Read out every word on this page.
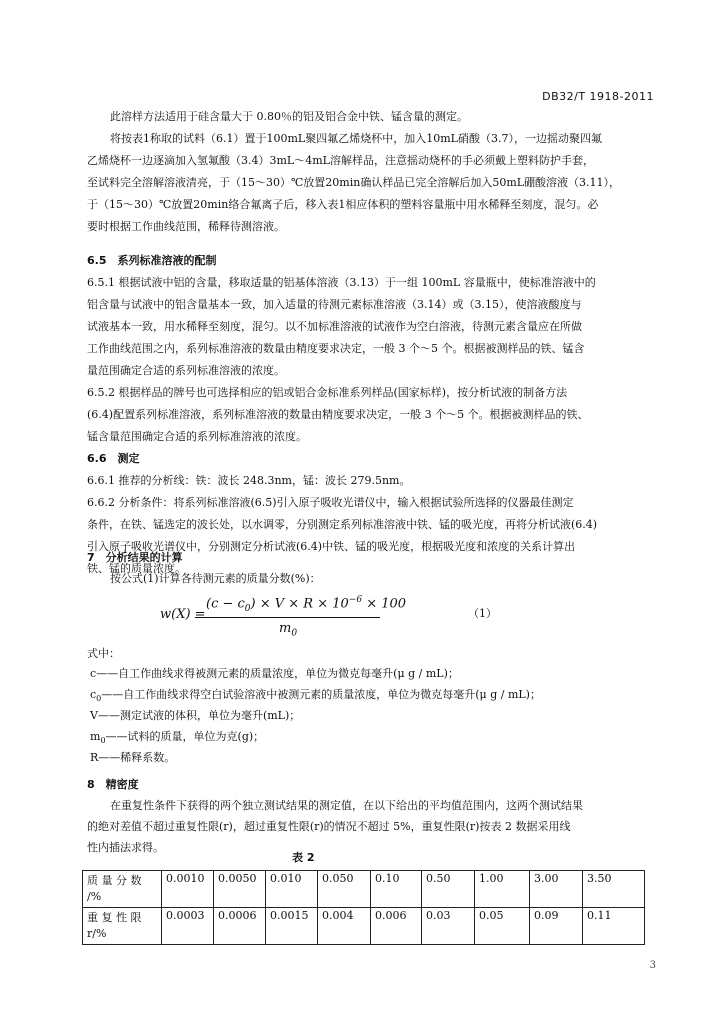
DB32/T 1918-2011
此溶样方法适用于硅含量大于 0.80％的铝及铝合金中铁、锰含量的测定。
将按表1称取的试料（6.1）置于100mL聚四氟乙烯烧杯中，加入10mL硝酸（3.7），一边摇动聚四氟
乙烯烧杯一边逐滴加入氢氟酸（3.4）3mL～4mL溶解样品，注意摇动烧杯的手必须戴上塑料防护手套，
至试料完全溶解溶液清亮，于（15～30）℃放置20min确认样品已完全溶解后加入50mL硼酸溶液（3.11），
于（15～30）℃放置20min络合氟离子后，移入表1相应体积的塑料容量瓶中用水稀释至刻度，混匀。必
要时根据工作曲线范围，稀释待测溶液。
6.5　系列标准溶液的配制
6.5.1 根据试液中铝的含量，移取适量的铝基体溶液（3.13）于一组 100mL 容量瓶中，使标准溶液中的
铝含量与试液中的铝含量基本一致，加入适量的待测元素标准溶液（3.14）或（3.15），使溶液酸度与
试液基本一致，用水稀释至刻度，混匀。以不加标准溶液的试液作为空白溶液，待测元素含量应在所做
工作曲线范围之内，系列标准溶液的数量由精度要求决定，一般 3 个～5 个。根据被测样品的铁、锰含
量范围确定合适的系列标准溶液的浓度。
6.5.2 根据样品的牌号也可选择相应的铝或铝合金标准系列样品(国家标样)，按分析试液的制备方法
(6.4)配置系列标准溶液，系列标准溶液的数量由精度要求决定，一般 3 个～5 个。根据被测样品的铁、
锰含量范围确定合适的系列标准溶液的浓度。
6.6　测定
6.6.1 推荐的分析线：铁：波长 248.3nm，锰：波长 279.5nm。
6.6.2 分析条件：将系列标准溶液(6.5)引入原子吸收光谱仪中，输入根据试验所选择的仪器最佳测定
条件，在铁、锰选定的波长处，以水调零，分别测定系列标准溶液中铁、锰的吸光度，再将分析试液(6.4)
引入原子吸收光谱仪中，分别测定分析试液(6.4)中铁、锰的吸光度，根据吸光度和浓度的关系计算出
铁、锰的质量浓度。
7　分析结果的计算
按公式(1)计算各待测元素的质量分数(%)：
w(X) =
$(c - c_0) \times V \times R \times 10^{-6} \times 100$
$m_0$
（1）
式中：
c——自工作曲线求得被测元素的质量浓度，单位为微克每毫升(μ g / mL)；
$c_0——$自工作曲线求得空白试验溶液中被测元素的质量浓度，单位为微克每毫升(μ g / mL)；
V——测定试液的体积，单位为毫升(mL)；
$m_0——$试料的质量，单位为克(g)；
R——稀释系数。
8　精密度
在重复性条件下获得的两个独立测试结果的测定值，在以下给出的平均值范围内，这两个测试结果
的绝对差值不超过重复性限(r)，超过重复性限(r)的情况不超过 5%，重复性限(r)按表 2 数据采用线
性内插法求得。
表 2
质 量 分 数
/%	0.0010	0.0050	0.010	0.050	0.10	0.50	1.00	3.00	3.50
重 复 性 限
r/%	0.0003	0.0006	0.0015	0.004	0.006	0.03	0.05	0.09	0.11
3
